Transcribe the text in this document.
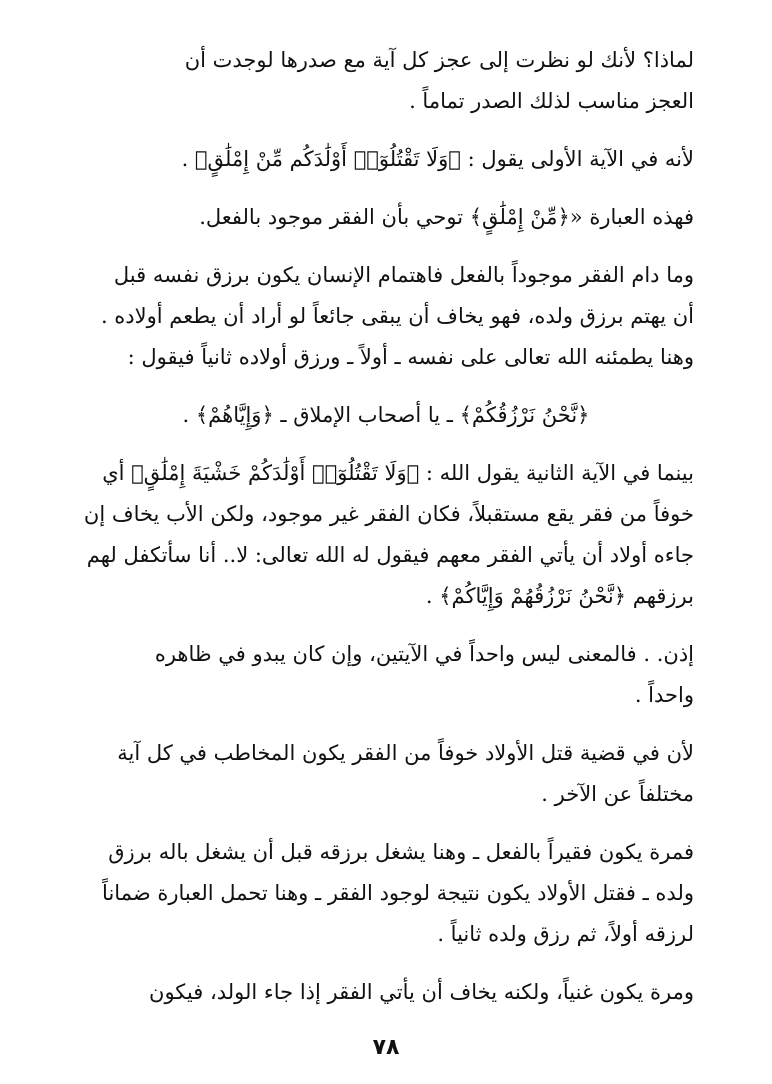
لماذا؟ لأنك لو نظرت إلى عجز كل آية مع صدرها لوجدت أن
العجز مناسب لذلك الصدر تماماً .

لأنه في الآية الأولى يقول : ﴿وَلَا تَقْتُلُوٓا۟ أَوْلَٰدَكُم مِّنْ إِمْلَٰقٍ﴾ .

فهذه العبارة «﴿مِّنْ إِمْلَٰقٍ﴾ توحي بأن الفقر موجود بالفعل.

وما دام الفقر موجوداً بالفعل فاهتمام الإنسان يكون برزق نفسه قبل
أن يهتم برزق ولده، فهو يخاف أن يبقى جائعاً لو أراد أن يطعم أولاده .
وهنا يطمئنه الله تعالى على نفسه ـ أولاً ـ ورزق أولاده ثانياً فيقول :

﴿نَّحْنُ نَرْزُقُكُمْ﴾ ـ يا أصحاب الإملاق ـ ﴿وَإِيَّاهُمْ﴾ .

بينما في الآية الثانية يقول الله : ﴿وَلَا تَقْتُلُوٓا۟ أَوْلَٰدَكُمْ خَشْيَةَ إِمْلَٰقٍ﴾ أي
خوفاً من فقر يقع مستقبلاً، فكان الفقر غير موجود، ولكن الأب يخاف إن
جاءه أولاد أن يأتي الفقر معهم فيقول له الله تعالى: لا.. أنا سأتكفل لهم
برزقهم ﴿نَّحْنُ نَرْزُقُهُمْ وَإِيَّاكُمْ﴾ .

إذن. . فالمعنى ليس واحداً في الآيتين، وإن كان يبدو في ظاهره
واحداً .

لأن في قضية قتل الأولاد خوفاً من الفقر يكون المخاطب في كل آية
مختلفاً عن الآخر .

فمرة يكون فقيراً بالفعل ـ وهنا يشغل برزقه قبل أن يشغل باله برزق
ولده ـ فقتل الأولاد يكون نتيجة لوجود الفقر ـ وهنا تحمل العبارة ضماناً
لرزقه أولاً، ثم رزق ولده ثانياً .

ومرة يكون غنياً، ولكنه يخاف أن يأتي الفقر إذا جاء الولد، فيكون

٧٨
